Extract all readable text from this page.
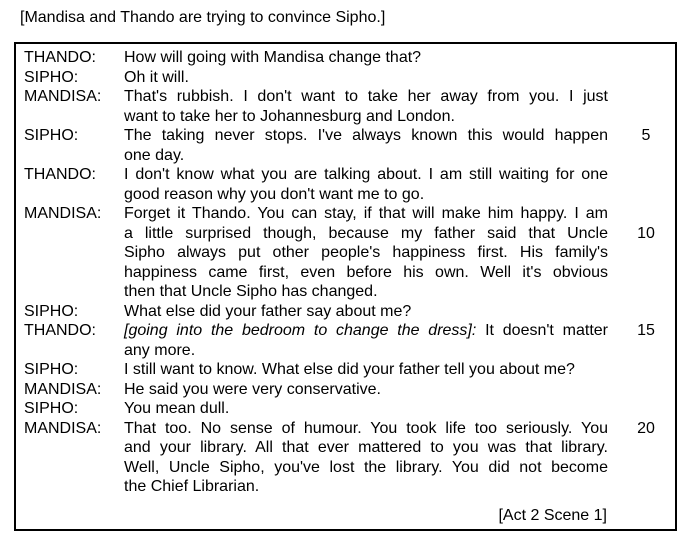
[Mandisa and Thando are trying to convince Sipho.]
THANDO: How will going with Mandisa change that?
SIPHO:	Oh it will.
MANDISA: That's rubbish. I don't want to take her away from you. I just
want to take her to Johannesburg and London.
SIPHO:	The taking never stops. I've always known this would happen	5
one day.
THANDO: I don't know what you are talking about. I am still waiting for one
good reason why you don't want me to go.
MANDISA: Forget it Thando. You can stay, if that will make him happy. I am
a little surprised though, because my father said that Uncle	10
Sipho always put other people's happiness first. His family's
happiness came first, even before his own. Well it's obvious
then that Uncle Sipho has changed.
SIPHO:	What else did your father say about me?
THANDO: [going into the bedroom to change the dress]: It doesn't matter	15
any more.
SIPHO:	I still want to know. What else did your father tell you about me?
MANDISA: He said you were very conservative.
SIPHO:	You mean dull.
MANDISA: That too. No sense of humour. You took life too seriously. You	20
and your library. All that ever mattered to you was that library.
Well, Uncle Sipho, you've lost the library. You did not become
the Chief Librarian.
[Act 2 Scene 1]
